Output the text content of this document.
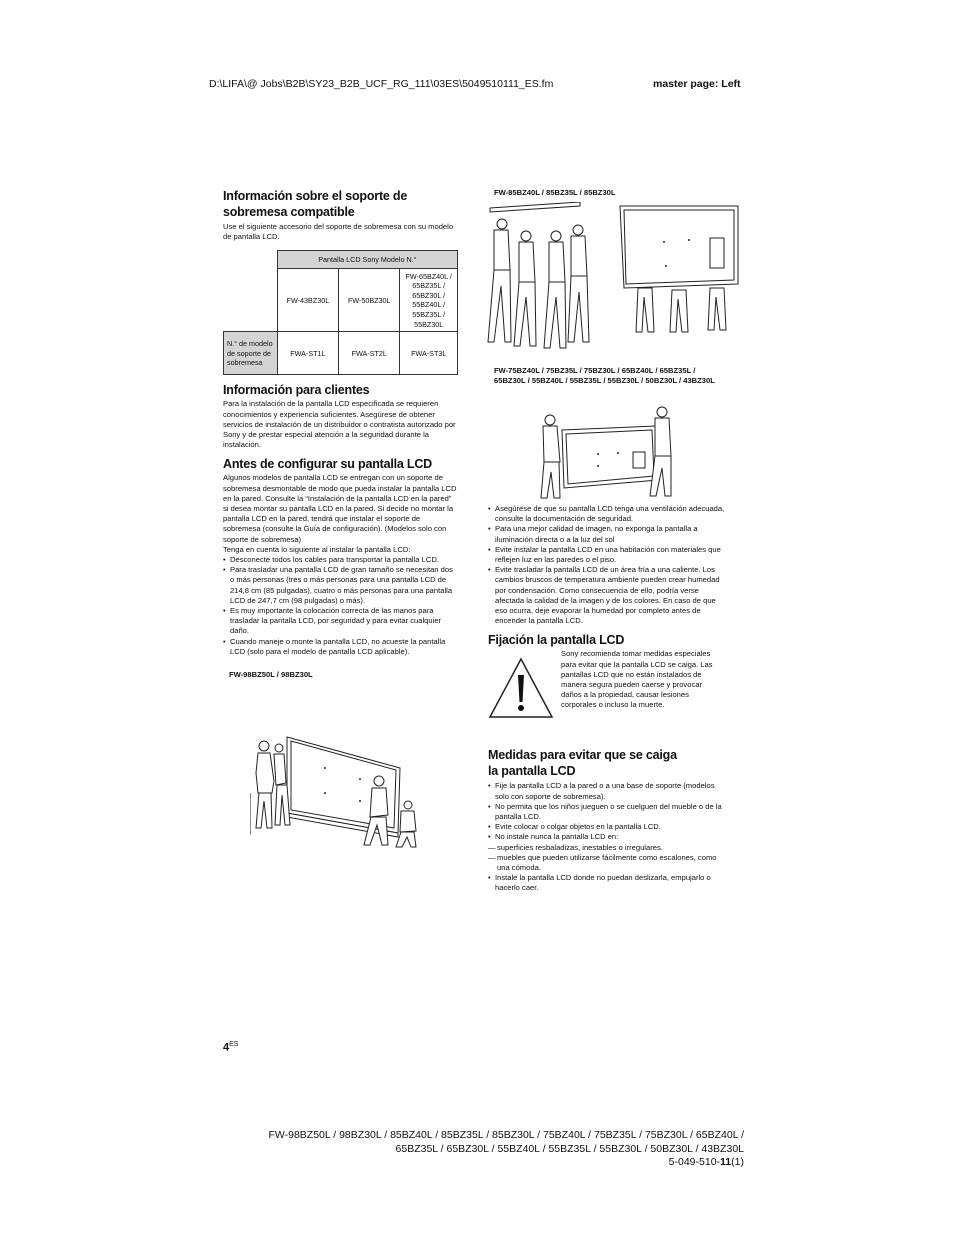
D:\LIFA\@ Jobs\B2B\SY23_B2B_UCF_RG_111\03ES\5049510111_ES.fm	master page: Left
Información sobre el soporte de sobremesa compatible

Use el siguiente accesorio del soporte de sobremesa con su modelo de pantalla LCD.

	Pantalla LCD Sony Modelo N.°		
	FW-43BZ30L	FW-50BZ30L	FW-65BZ40L / 65BZ35L / 65BZ30L / 55BZ40L / 55BZ35L / 55BZ30L
N.° de modelo de soporte de sobremesa	FWA-ST1L	FWA-ST2L	FWA-ST3L
Información para clientes

Para la instalación de la pantalla LCD especificada se requieren conocimientos y experiencia suficientes. Asegúrese de obtener servicios de instalación de un distribuidor o contratista autorizado por Sony y de prestar especial atención a la seguridad durante la instalación.

Antes de configurar su pantalla LCD

Algunos modelos de pantalla LCD se entregan con un soporte de sobremesa desmontable de modo que pueda instalar la pantalla LCD en la pared. Consulte la “Instalación de la pantalla LCD en la pared” si desea montar su pantalla LCD en la pared. Si decide no montar la pantalla LCD en la pared, tendrá que instalar el soporte de sobremesa (consulte la Guía de configuración). (Modelos solo con soporte de sobremesa)

Tenga en cuenta lo siguiente al instalar la pantalla LCD:

• Desconecte todos los cables para transportar la pantalla LCD.
• Para trasladar una pantalla LCD de gran tamaño se necesitan dos o más personas (tres o más personas para una pantalla LCD de 214,8 cm (85 pulgadas), cuatro o más personas para una pantalla LCD de 247,7 cm (98 pulgadas) o más).
• Es muy importante la colocación correcta de las manos para trasladar la pantalla LCD, por seguridad y para evitar cualquier daño.
• Cuando maneje o monte la pantalla LCD, no acueste la pantalla LCD (solo para el modelo de pantalla LCD aplicable).
FW-98BZ50L / 98BZ30L
FW-85BZ40L / 85BZ35L / 85BZ30L
FW-75BZ40L / 75BZ35L / 75BZ30L / 65BZ40L / 65BZ35L / 65BZ30L / 55BZ40L / 55BZ35L / 55BZ30L / 50BZ30L / 43BZ30L
• Asegúrese de que su pantalla LCD tenga una ventilación adecuada, consulte la documentación de seguridad.
• Para una mejor calidad de imagen, no exponga la pantalla a iluminación directa o a la luz del sol
• Evite instalar la pantalla LCD en una habitación con materiales que reflejen luz en las paredes o el piso.
• Evite trasladar la pantalla LCD de un área fría a una caliente. Los cambios bruscos de temperatura ambiente pueden crear humedad por condensación. Como consecuencia de ello, podría verse afectada la calidad de la imagen y de los colores. En caso de que eso ocurra, deje evaporar la humedad por completo antes de encender la pantalla LCD.
Fijación la pantalla LCD

Sony recomienda tomar medidas especiales para evitar que la pantalla LCD se caiga. Las pantallas LCD que no están instalados de manera segura pueden caerse y provocar daños a la propiedad, causar lesiones corporales o incluso la muerte.

Medidas para evitar que se caiga la pantalla LCD
• Fije la pantalla LCD a la pared o a una base de soporte (modelos solo con soporte de sobremesa).
• No permita que los niños jueguen o se cuelguen del mueble o de la pantalla LCD.
• Evite colocar o colgar objetos en la pantalla LCD.
• No instale nunca la pantalla LCD en:
— superficies resbaladizas, inestables o irregulares.
— muebles que pueden utilizarse fácilmente como escalones, como una cómoda.
• Instale la pantalla LCD donde no puedan deslizarla, empujarlo o hacerlo caer.
$4^{ES}$
FW-98BZ50L / 98BZ30L / 85BZ40L / 85BZ35L / 85BZ30L / 75BZ40L / 75BZ35L / 75BZ30L / 65BZ40L /
65BZ35L / 65BZ30L / 55BZ40L / 55BZ35L / 55BZ30L / 50BZ30L / 43BZ30L
5-049-510-11(1)
